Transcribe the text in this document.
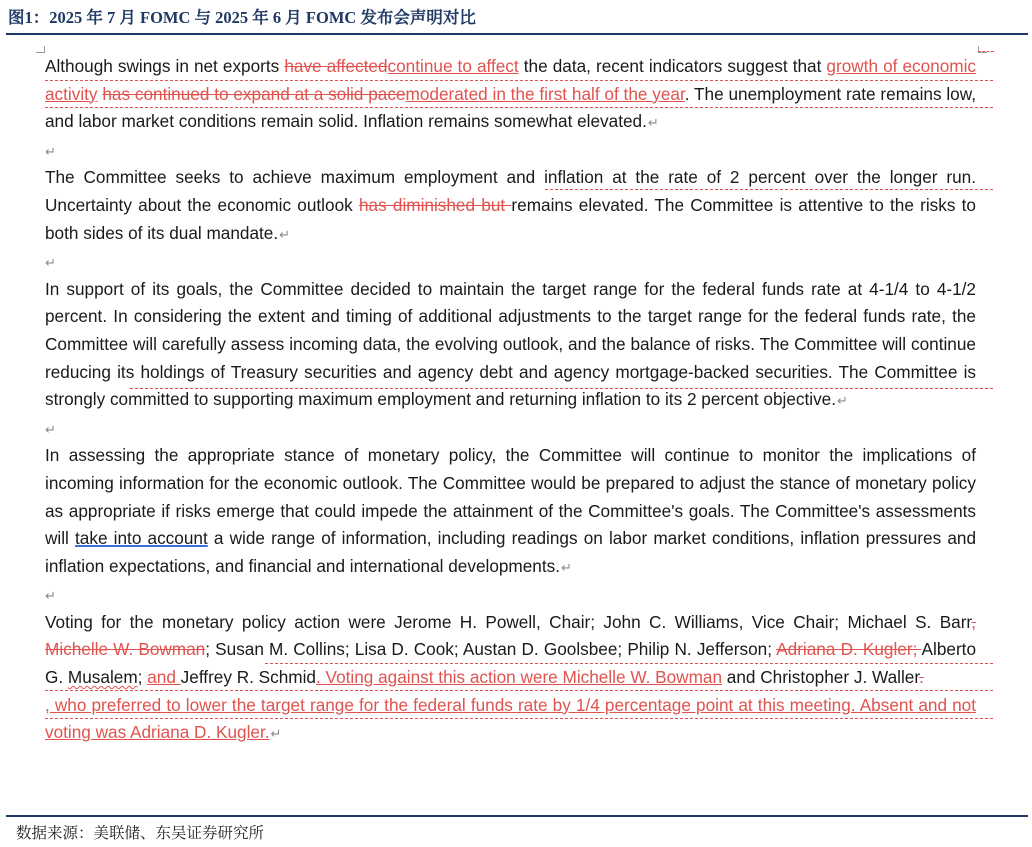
图1：2025 年 7 月 FOMC 与 2025 年 6 月 FOMC 发布会声明对比

Although swings in net exports have affectedcontinue to affect the data, recent indicators suggest that growth of economic activity has continued to expand at a solid pacemoderated in the first half of the year. The unemployment rate remains low, and labor market conditions remain solid. Inflation remains somewhat elevated.↵

↵

The Committee seeks to achieve maximum employment and inflation at the rate of 2 percent over the longer run. Uncertainty about the economic outlook has diminished but remains elevated. The Committee is attentive to the risks to both sides of its dual mandate.↵

↵

In support of its goals, the Committee decided to maintain the target range for the federal funds rate at 4-1/4 to 4-1/2 percent. In considering the extent and timing of additional adjustments to the target range for the federal funds rate, the Committee will carefully assess incoming data, the evolving outlook, and the balance of risks. The Committee will continue reducing its holdings of Treasury securities and agency debt and agency mortgage-backed securities. The Committee is strongly committed to supporting maximum employment and returning inflation to its 2 percent objective.↵

↵

In assessing the appropriate stance of monetary policy, the Committee will continue to monitor the implications of incoming information for the economic outlook. The Committee would be prepared to adjust the stance of monetary policy as appropriate if risks emerge that could impede the attainment of the Committee's goals. The Committee's assessments will take into account a wide range of information, including readings on labor market conditions, inflation pressures and inflation expectations, and financial and international developments.↵

↵

Voting for the monetary policy action were Jerome H. Powell, Chair; John C. Williams, Vice Chair; Michael S. Barr, Michelle W. Bowman; Susan M. Collins; Lisa D. Cook; Austan D. Goolsbee; Philip N. Jefferson; Adriana D. Kugler; Alberto G. Musalem; and Jeffrey R. Schmid. Voting against this action were Michelle W. Bowman and Christopher J. Waller.

, who preferred to lower the target range for the federal funds rate by 1/4 percentage point at this meeting. Absent and not voting was Adriana D. Kugler.↵

数据来源：美联储、东吴证券研究所
